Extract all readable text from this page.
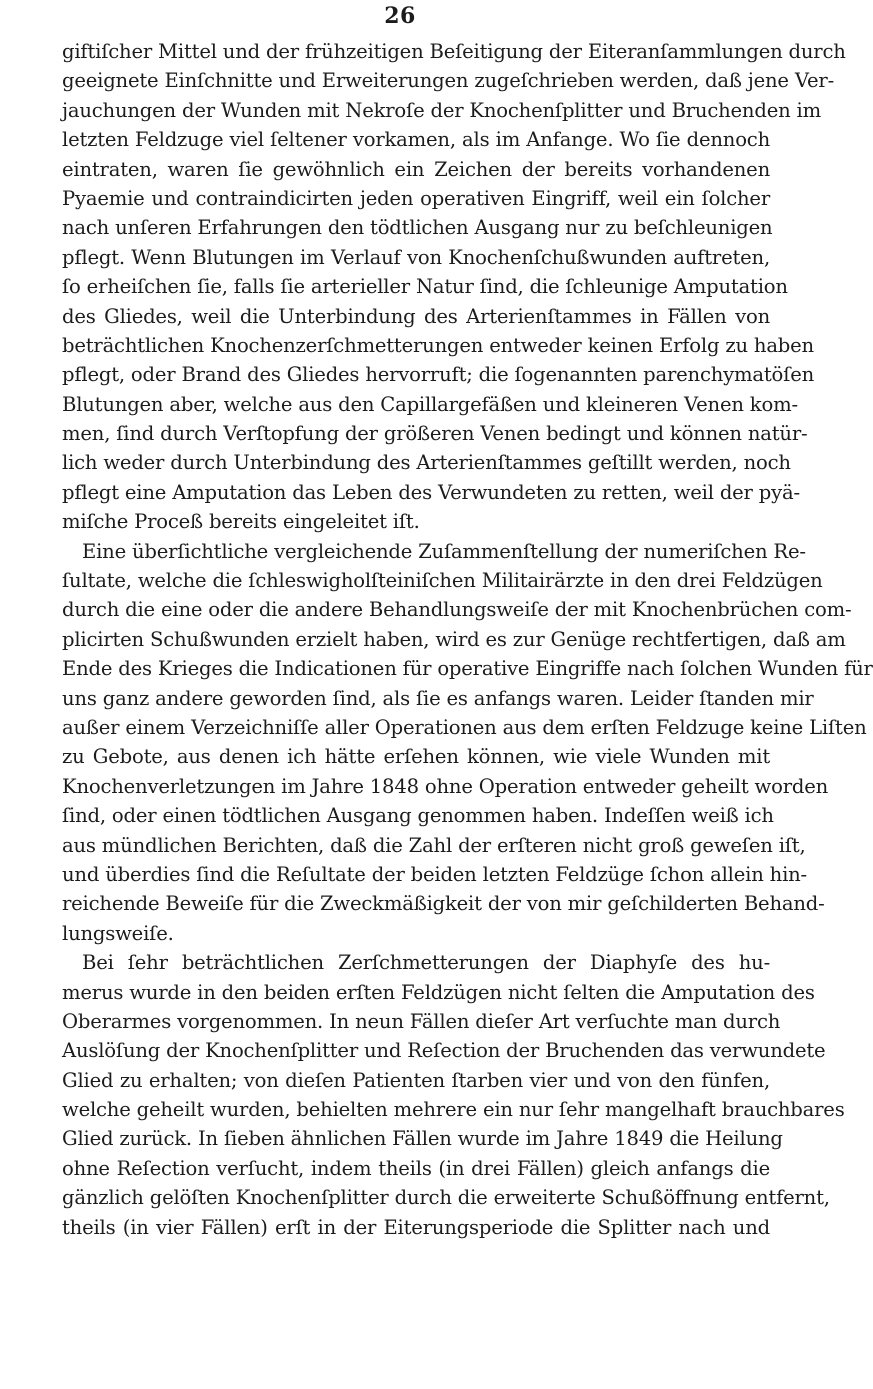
26
giftiſcher Mittel und der frühzeitigen Beſeitigung der Eiteranſammlungen durch
geeignete Einſchnitte und Erweiterungen zugeſchrieben werden, daß jene Ver-
jauchungen der Wunden mit Nekroſe der Knochenſplitter und Bruchenden im
letzten Feldzuge viel ſeltener vorkamen, als im Anfange. Wo ſie dennoch
eintraten, waren ſie gewöhnlich ein Zeichen der bereits vorhandenen
Pyaemie und contraindicirten jeden operativen Eingriff, weil ein ſolcher
nach unſeren Erfahrungen den tödtlichen Ausgang nur zu beſchleunigen
pflegt. Wenn Blutungen im Verlauf von Knochenſchußwunden auftreten,
ſo erheiſchen ſie, falls ſie arterieller Natur ſind, die ſchleunige Amputation
des Gliedes, weil die Unterbindung des Arterienſtammes in Fällen von
beträchtlichen Knochenzerſchmetterungen entweder keinen Erfolg zu haben
pflegt, oder Brand des Gliedes hervorruft; die ſogenannten parenchymatöſen
Blutungen aber, welche aus den Capillargefäßen und kleineren Venen kom-
men, ſind durch Verſtopfung der größeren Venen bedingt und können natür-
lich weder durch Unterbindung des Arterienſtammes geſtillt werden, noch
pflegt eine Amputation das Leben des Verwundeten zu retten, weil der pyä-
miſche Proceß bereits eingeleitet iſt.
Eine überſichtliche vergleichende Zuſammenſtellung der numeriſchen Re-
ſultate, welche die ſchleswigholſteiniſchen Militairärzte in den drei Feldzügen
durch die eine oder die andere Behandlungsweiſe der mit Knochenbrüchen com-
plicirten Schußwunden erzielt haben, wird es zur Genüge rechtfertigen, daß am
Ende des Krieges die Indicationen für operative Eingriffe nach ſolchen Wunden für
uns ganz andere geworden ſind, als ſie es anfangs waren. Leider ſtanden mir
außer einem Verzeichniſſe aller Operationen aus dem erſten Feldzuge keine Liſten
zu Gebote, aus denen ich hätte erſehen können, wie viele Wunden mit
Knochenverletzungen im Jahre 1848 ohne Operation entweder geheilt worden
ſind, oder einen tödtlichen Ausgang genommen haben. Indeſſen weiß ich
aus mündlichen Berichten, daß die Zahl der erſteren nicht groß geweſen iſt,
und überdies ſind die Reſultate der beiden letzten Feldzüge ſchon allein hin-
reichende Beweiſe für die Zweckmäßigkeit der von mir geſchilderten Behand-
lungsweiſe.
Bei ſehr beträchtlichen Zerſchmetterungen der Diaphyſe des hu-
merus wurde in den beiden erſten Feldzügen nicht ſelten die Amputation des
Oberarmes vorgenommen. In neun Fällen dieſer Art verſuchte man durch
Auslöſung der Knochenſplitter und Reſection der Bruchenden das verwundete
Glied zu erhalten; von dieſen Patienten ſtarben vier und von den fünfen,
welche geheilt wurden, behielten mehrere ein nur ſehr mangelhaft brauchbares
Glied zurück. In ſieben ähnlichen Fällen wurde im Jahre 1849 die Heilung
ohne Reſection verſucht, indem theils (in drei Fällen) gleich anfangs die
gänzlich gelöſten Knochenſplitter durch die erweiterte Schußöffnung entfernt,
theils (in vier Fällen) erſt in der Eiterungsperiode die Splitter nach und
